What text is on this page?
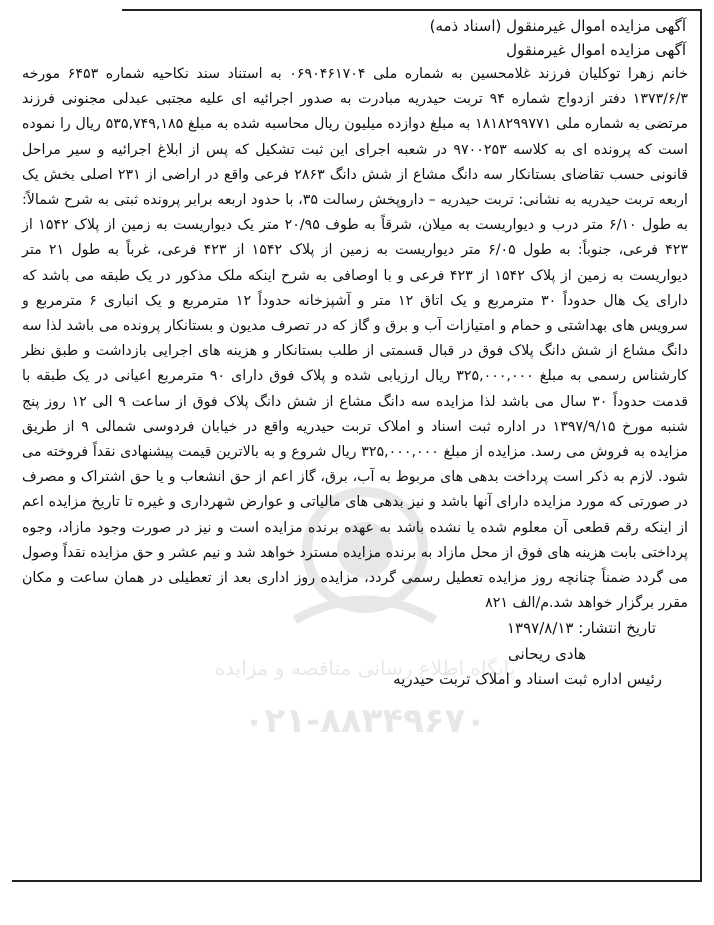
پایگاه اطلاع رسانی مناقصه و مزایده
۰۲۱-۸۸۳۴۹۶۷۰

آگهی مزایده اموال غیرمنقول (اسناد ذمه)

آگهی مزایده اموال غیرمنقول

خانم زهرا توکلیان فرزند غلامحسین به شماره ملی ۰۶۹۰۴۶۱۷۰۴ به استناد سند نکاحیه شماره ۶۴۵۳ مورخه ۱۳۷۳/۶/۳ دفتر ازدواج شماره ۹۴ تربت حیدریه مبادرت به صدور اجرائیه ای علیه مجتبی عبدلی مجنونی فرزند مرتضی به شماره ملی ۱۸۱۸۲۹۹۷۷۱ به مبلغ دوازده میلیون ریال محاسبه شده به مبلغ ۵۳۵,۷۴۹,۱۸۵ ریال را نموده است که پرونده ای به کلاسه ۹۷۰۰۲۵۳ در شعبه اجرای این ثبت تشکیل که پس از ابلاغ اجرائیه و سیر مراحل قانونی حسب تقاضای بستانکار سه دانگ مشاع از شش دانگ ۲۸۶۳ فرعی واقع در اراضی از ۲۳۱ اصلی بخش یک اربعه تربت حیدریه به نشانی: تربت حیدریه – داروپخش رسالت ۳۵، با حدود اربعه برابر پرونده ثبتی به شرح شمالاً: به طول ۶/۱۰ متر درب و دیواریست به میلان، شرقاً به طوف ۲۰/۹۵ متر یک دیواریست به زمین از پلاک ۱۵۴۲ از ۴۲۳ فرعی، جنوباً: به طول ۶/۰۵ متر دیواریست به زمین از پلاک ۱۵۴۲ از ۴۲۳ فرعی، غرباً به طول ۲۱ متر دیواریست به زمین از پلاک ۱۵۴۲ از ۴۲۳ فرعی و با اوصافی به شرح اینکه ملک مذکور در یک طبقه می باشد که دارای یک هال حدوداً ۳۰ مترمربع و یک اتاق ۱۲ متر و آشپزخانه حدوداً ۱۲ مترمربع و یک انباری ۶ مترمربع و سرویس های بهداشتی و حمام و امتیازات آب و برق و گاز که در تصرف مدیون و بستانکار پرونده می باشد لذا سه دانگ مشاع از شش دانگ پلاک فوق در قبال قسمتی از طلب بستانکار و هزینه های اجرایی بازداشت و طبق نظر کارشناس رسمی به مبلغ ۳۲۵,۰۰۰,۰۰۰ ریال ارزیابی شده و پلاک فوق دارای ۹۰ مترمربع اعیانی در یک طبقه با قدمت حدوداً ۳۰ سال می باشد لذا مزایده سه دانگ مشاع از شش دانگ پلاک فوق از ساعت ۹ الی ۱۲ روز پنج شنبه مورخ ۱۳۹۷/۹/۱۵ در اداره ثبت اسناد و املاک تربت حیدریه واقع در خیابان فردوسی شمالی ۹ از طریق مزایده به فروش می رسد. مزایده از مبلغ ۳۲۵,۰۰۰,۰۰۰ ریال شروع و به بالاترین قیمت پیشنهادی نقداً فروخته می شود. لازم به ذکر است پرداخت بدهی های مربوط به آب، برق، گاز اعم از حق انشعاب و یا حق اشتراک و مصرف در صورتی که مورد مزایده دارای آنها باشد و نیز بدهی های مالیاتی و عوارض شهرداری و غیره تا تاریخ مزایده اعم از اینکه رقم قطعی آن معلوم شده یا نشده باشد به عهده برنده مزایده است و نیز در صورت وجود مازاد، وجوه پرداختی بابت هزینه های فوق از محل مازاد به برنده مزایده مسترد خواهد شد و نیم عشر و حق مزایده نقداً وصول می گردد ضمناً چنانچه روز مزایده تعطیل رسمی گردد، مزایده روز اداری بعد از تعطیلی در همان ساعت و مکان مقرر برگزار خواهد شد.م/الف ۸۲۱

تاریخ انتشار: ۱۳۹۷/۸/۱۳

هادی ریحانی

رئیس اداره ثبت اسناد و املاک تربت حیدریه
